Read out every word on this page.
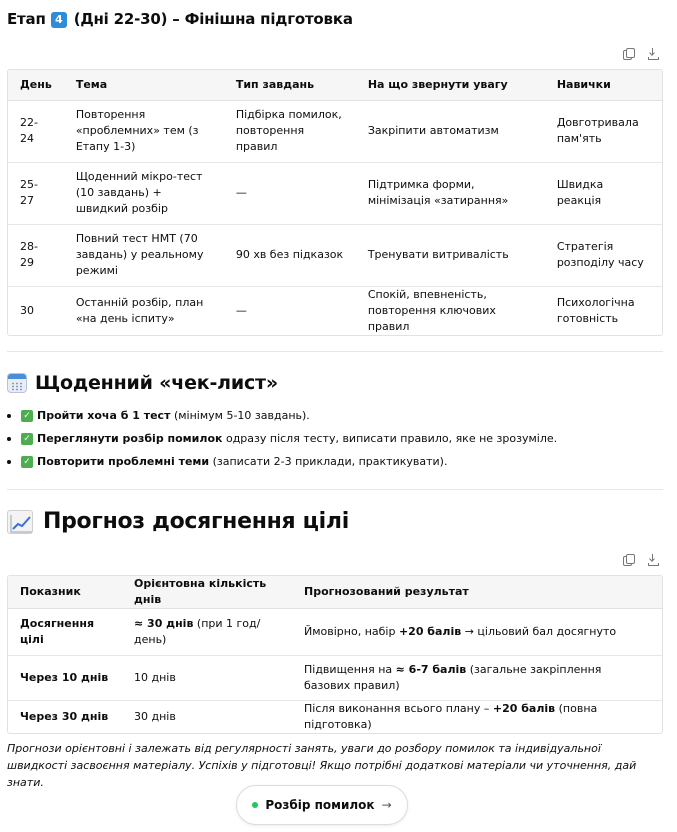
Етап 4 (Дні 22-30) – Фінішна підготовка
День	Тема	Тип завдань	На що звернути увагу	Навички
22-24	Повторення «проблемних» тем (з Етапу 1-3)	Підбірка помилок, повторення правил	Закріпити автоматизм	Довготривала пам'ять
25-27	Щоденний мікро-тест (10 завдань) + швидкий розбір	—	Підтримка форми, мінімізація «затирання»	Швидка реакція
28-29	Повний тест НМТ (70 завдань) у реальному режимі	90 хв без підказок	Тренувати витривалість	Стратегія розподілу часу
30	Останній розбір, план «на день іспиту»	—	Спокій, впевненість, повторення ключових правил	Психологічна готовність
Щоденний «чек-лист»
✓ Пройти хоча б 1 тест (мінімум 5-10 завдань).
✓ Переглянути розбір помилок одразу після тесту, виписати правило, яке не зрозуміле.
✓ Повторити проблемні теми (записати 2-3 приклади, практикувати).
Прогноз досягнення цілі
Показник	Орієнтовна кількість днів	Прогнозований результат
Досягнення цілі	≈ 30 днів (при 1 год/день)	Ймовірно, набір +20 балів → цільовий бал досягнуто
Через 10 днів	10 днів	Підвищення на ≈ 6-7 балів (загальне закріплення базових правил)
Через 30 днів	30 днів	Після виконання всього плану – +20 балів (повна підготовка)

Прогнози орієнтовні і залежать від регулярності занять, уваги до розбору помилок та індивідуальної швидкості засвоєння матеріалу. Успіхів у підготовці! Якщо потрібні додаткові матеріали чи уточнення, дай знати.

Розбір помилок →
